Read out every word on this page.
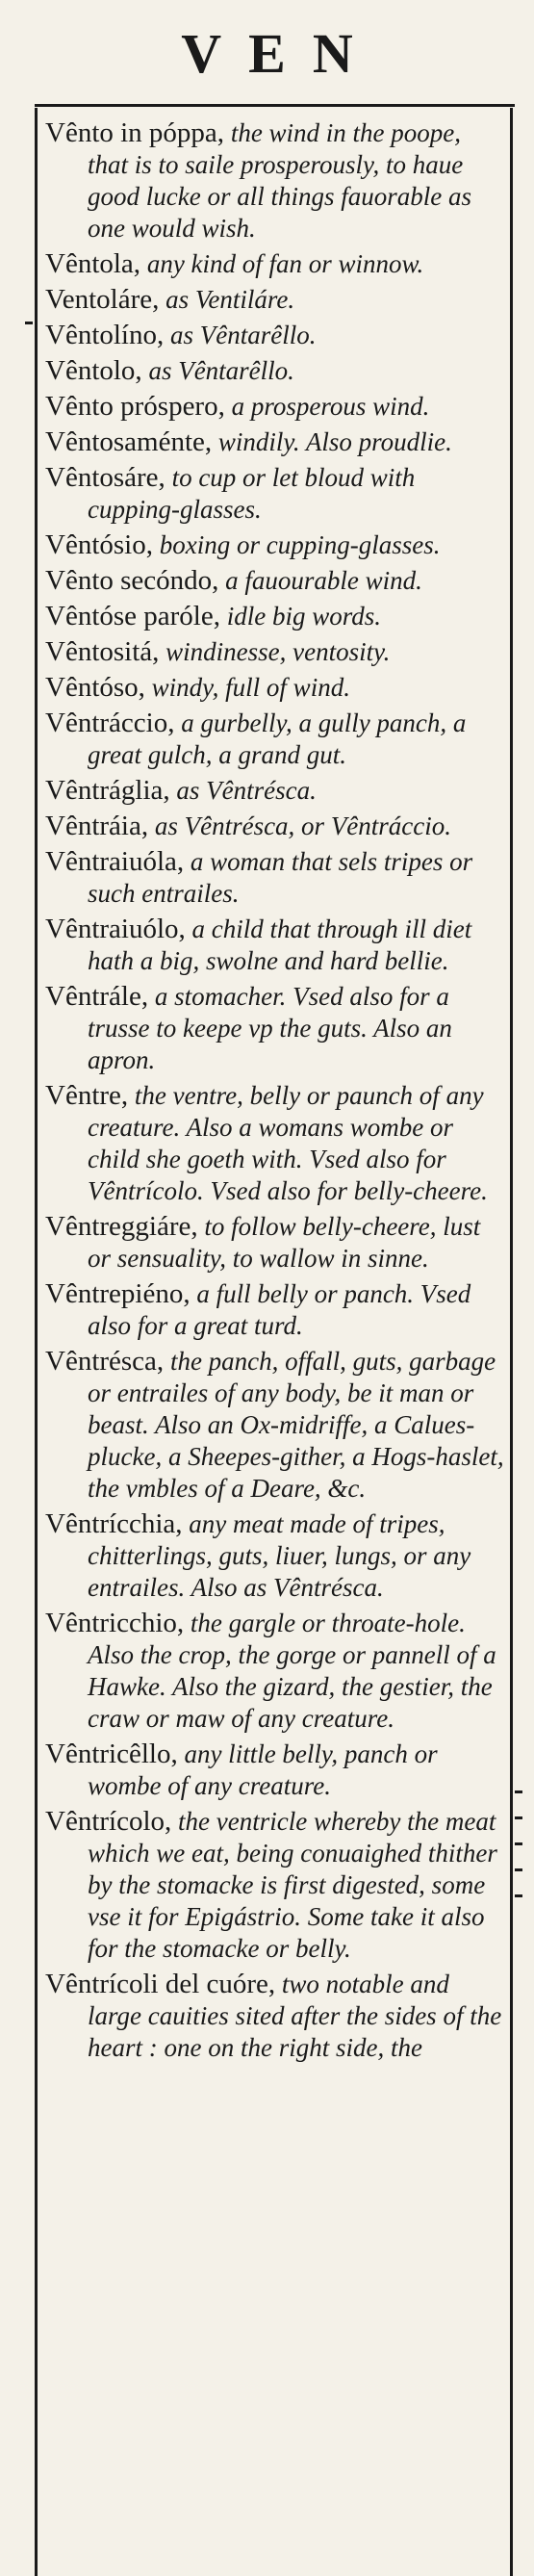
VEN

Vênto in póppa, the wind in the poope, that is to saile prosperously, to haue good lucke or all things fauorable as one would wish.

Vêntola, any kind of fan or winnow.

Ventoláre, as Ventiláre.

Vêntolíno, as Vêntarêllo.

Vêntolo, as Vêntarêllo.

Vênto próspero, a prosperous wind.

Vêntosaménte, windily. Also proudlie.

Vêntosáre, to cup or let bloud with cupping-glasses.

Vêntósio, boxing or cupping-glasses.

Vênto secóndo, a fauourable wind.

Vêntóse paróle, idle big words.

Vêntositá, windinesse, ventosity.

Vêntóso, windy, full of wind.

Vêntráccio, a gurbelly, a gully panch, a great gulch, a grand gut.

Vêntráglia, as Vêntrésca.

Vêntráia, as Vêntrésca, or Vêntráccio.

Vêntraiuóla, a woman that sels tripes or such entrailes.

Vêntraiuólo, a child that through ill diet hath a big, swolne and hard bellie.

Vêntrále, a stomacher. Vsed also for a trusse to keepe vp the guts. Also an apron.

Vêntre, the ventre, belly or paunch of any creature. Also a womans wombe or child she goeth with. Vsed also for Vêntrícolo. Vsed also for belly-cheere.

Vêntreggiáre, to follow belly-cheere, lust or sensuality, to wallow in sinne.

Vêntrepiéno, a full belly or panch. Vsed also for a great turd.

Vêntrésca, the panch, offall, guts, garbage or entrailes of any body, be it man or beast. Also an Ox-midriffe, a Calues-plucke, a Sheepes-gither, a Hogs-haslet, the vmbles of a Deare, &c.

Vêntrícchia, any meat made of tripes, chitterlings, guts, liuer, lungs, or any entrailes. Also as Vêntrésca.

Vêntricchio, the gargle or throate-hole. Also the crop, the gorge or pannell of a Hawke. Also the gizard, the gestier, the craw or maw of any creature.

Vêntricêllo, any little belly, panch or wombe of any creature.

Vêntrícolo, the ventricle whereby the meat which we eat, being conuaighed thither by the stomacke is first digested, some vse it for Epigástrio. Some take it also for the stomacke or belly.

Vêntrícoli del cuóre, two notable and large cauities sited after the sides of the heart : one on the right side, the
